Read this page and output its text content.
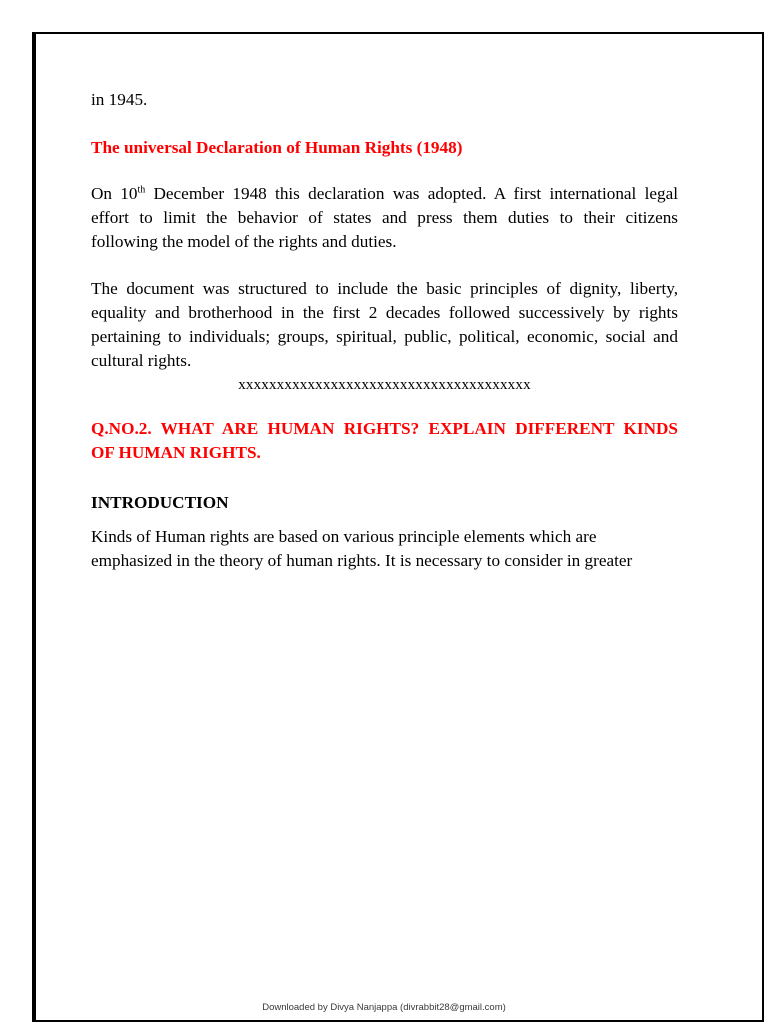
in 1945.

The universal Declaration of Human Rights (1948)

On 10th December 1948 this declaration was adopted. A first international legal
effort to limit the behavior of states and press them duties to their citizens
following the model of the rights and duties.
The document was structured to include the basic principles of dignity, liberty,
equality and brotherhood in the first 2 decades followed successively by rights
pertaining to individuals; groups, spiritual, public, political, economic, social and
cultural rights.

xxxxxxxxxxxxxxxxxxxxxxxxxxxxxxxxxxxxxx

Q.NO.2. WHAT ARE HUMAN RIGHTS? EXPLAIN DIFFERENT KINDS
OF HUMAN RIGHTS.

INTRODUCTION

Kinds of Human rights are based on various principle elements which are
emphasized in the theory of human rights. It is necessary to consider in greater
Downloaded by Divya Nanjappa (divrabbit28@gmail.com)
